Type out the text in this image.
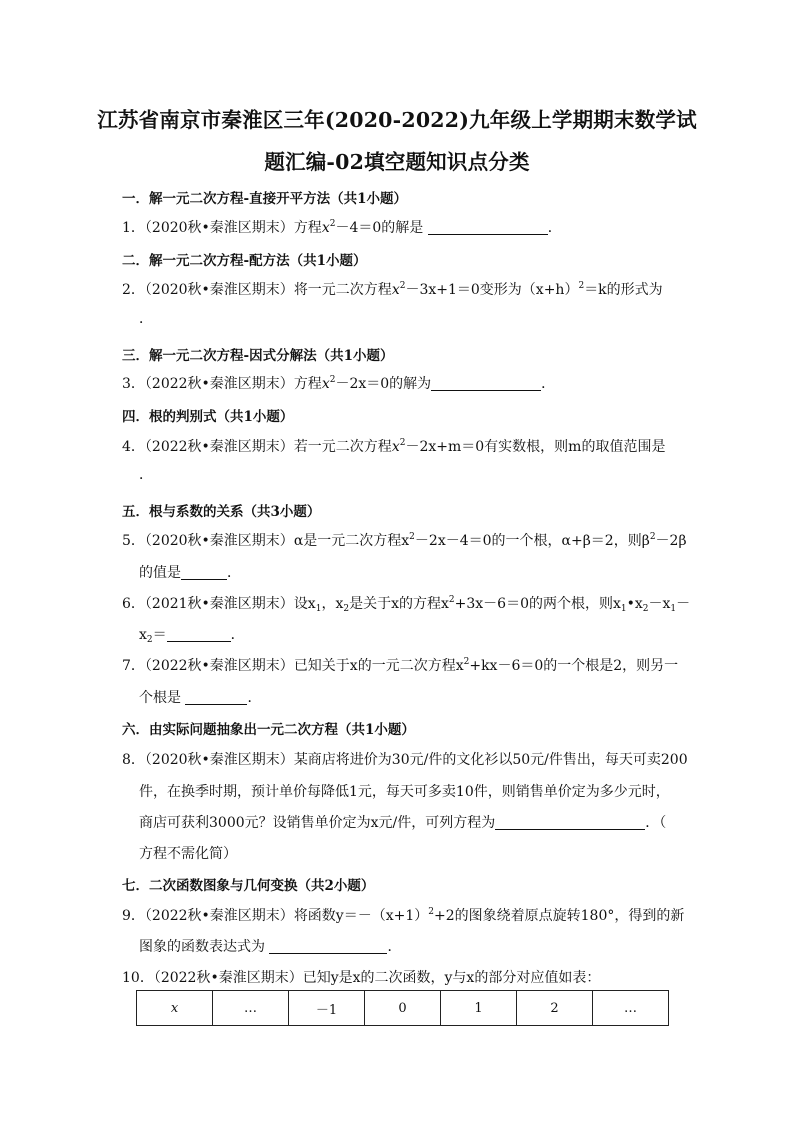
江苏省南京市秦淮区三年(2020-2022)九年级上学期期末数学试
题汇编-02填空题知识点分类
一．解一元二次方程-直接开平方法（共1小题）
1．（2020秋•秦淮区期末）方程$x^2-4=0$的解是	．
二．解一元二次方程-配方法（共1小题）
2．（2020秋•秦淮区期末）将一元二次方程$x^2-3x+1=0$变形为$(x+h)^2=k$的形式为
．
三．解一元二次方程-因式分解法（共1小题）
3．（2022秋•秦淮区期末）方程$x^2-2x=0$的解为	．
四．根的判别式（共1小题）
4．（2022秋•秦淮区期末）若一元二次方程$x^2-2x+m=0$有实数根，则m的取值范围是
．
五．根与系数的关系（共3小题）
5．（2020秋•秦淮区期末）α是一元二次方程$x^2-2x-4=0$的一个根，α+β＝2，则$\beta^2-2\beta$
的值是	．
6．（2021秋•秦淮区期末）设$x_1$，$x_2$是关于x的方程$x^2+3x-6=0$的两个根，则$x_1•x_2-x_1-$
$x_2=$	．
7．（2022秋•秦淮区期末）已知关于x的一元二次方程$x^2+kx-6=0$的一个根是2，则另一
个根是	．
六．由实际问题抽象出一元二次方程（共1小题）
8．（2020秋•秦淮区期末）某商店将进价为30元/件的文化衫以50元/件售出，每天可卖200
件，在换季时期，预计单价每降低1元，每天可多卖10件，则销售单价定为多少元时，
商店可获利3000元？设销售单价定为x元/件，可列方程为	．（
方程不需化简）
七．二次函数图象与几何变换（共2小题）
9．（2022秋•秦淮区期末）将函数$y=-(x+1)^2+2$的图象绕着原点旋转180°，得到的新
图象的函数表达式为	．
10．（2022秋•秦淮区期末）已知y是x的二次函数，y与x的部分对应值如表：
x	…	－1	0	1	2	…
